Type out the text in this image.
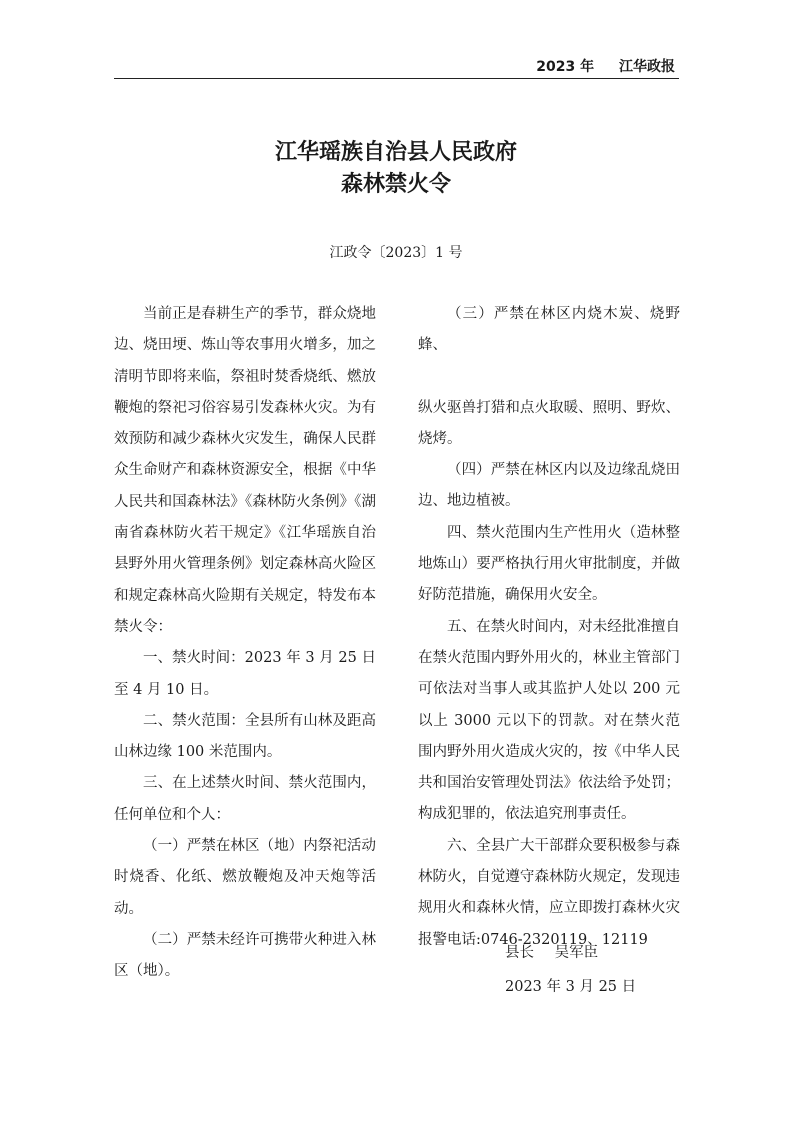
2023 年 江华政报
江华瑶族自治县人民政府
森林禁火令
江政令〔2023〕1 号

当前正是春耕生产的季节，群众烧地边、烧田埂、炼山等农事用火增多，加之清明节即将来临，祭祖时焚香烧纸、燃放鞭炮的祭祀习俗容易引发森林火灾。为有效预防和减少森林火灾发生，确保人民群众生命财产和森林资源安全，根据《中华人民共和国森林法》《森林防火条例》《湖南省森林防火若干规定》《江华瑶族自治县野外用火管理条例》划定森林高火险区和规定森林高火险期有关规定，特发布本禁火令：

一、禁火时间：2023 年 3 月 25 日至 4 月 10 日。

二、禁火范围：全县所有山林及距高山林边缘 100 米范围内。

三、在上述禁火时间、禁火范围内，任何单位和个人：

（一）严禁在林区（地）内祭祀活动时烧香、化纸、燃放鞭炮及冲天炮等活动。

（二）严禁未经许可携带火种进入林区（地）。

（三）严禁在林区内烧木炭、烧野蜂、

纵火驱兽打猎和点火取暖、照明、野炊、烧烤。

（四）严禁在林区内以及边缘乱烧田边、地边植被。

四、禁火范围内生产性用火（造林整地炼山）要严格执行用火审批制度，并做好防范措施，确保用火安全。

五、在禁火时间内，对未经批准擅自在禁火范围内野外用火的，林业主管部门可依法对当事人或其监护人处以 200 元以上 3000 元以下的罚款。对在禁火范围内野外用火造成火灾的，按《中华人民共和国治安管理处罚法》依法给予处罚；构成犯罪的，依法追究刑事责任。

六、全县广大干部群众要积极参与森林防火，自觉遵守森林防火规定，发现违规用火和森林火情，应立即拨打森林火灾报警电话:0746-2320119、12119

县长 吴军臣
2023 年 3 月 25 日
